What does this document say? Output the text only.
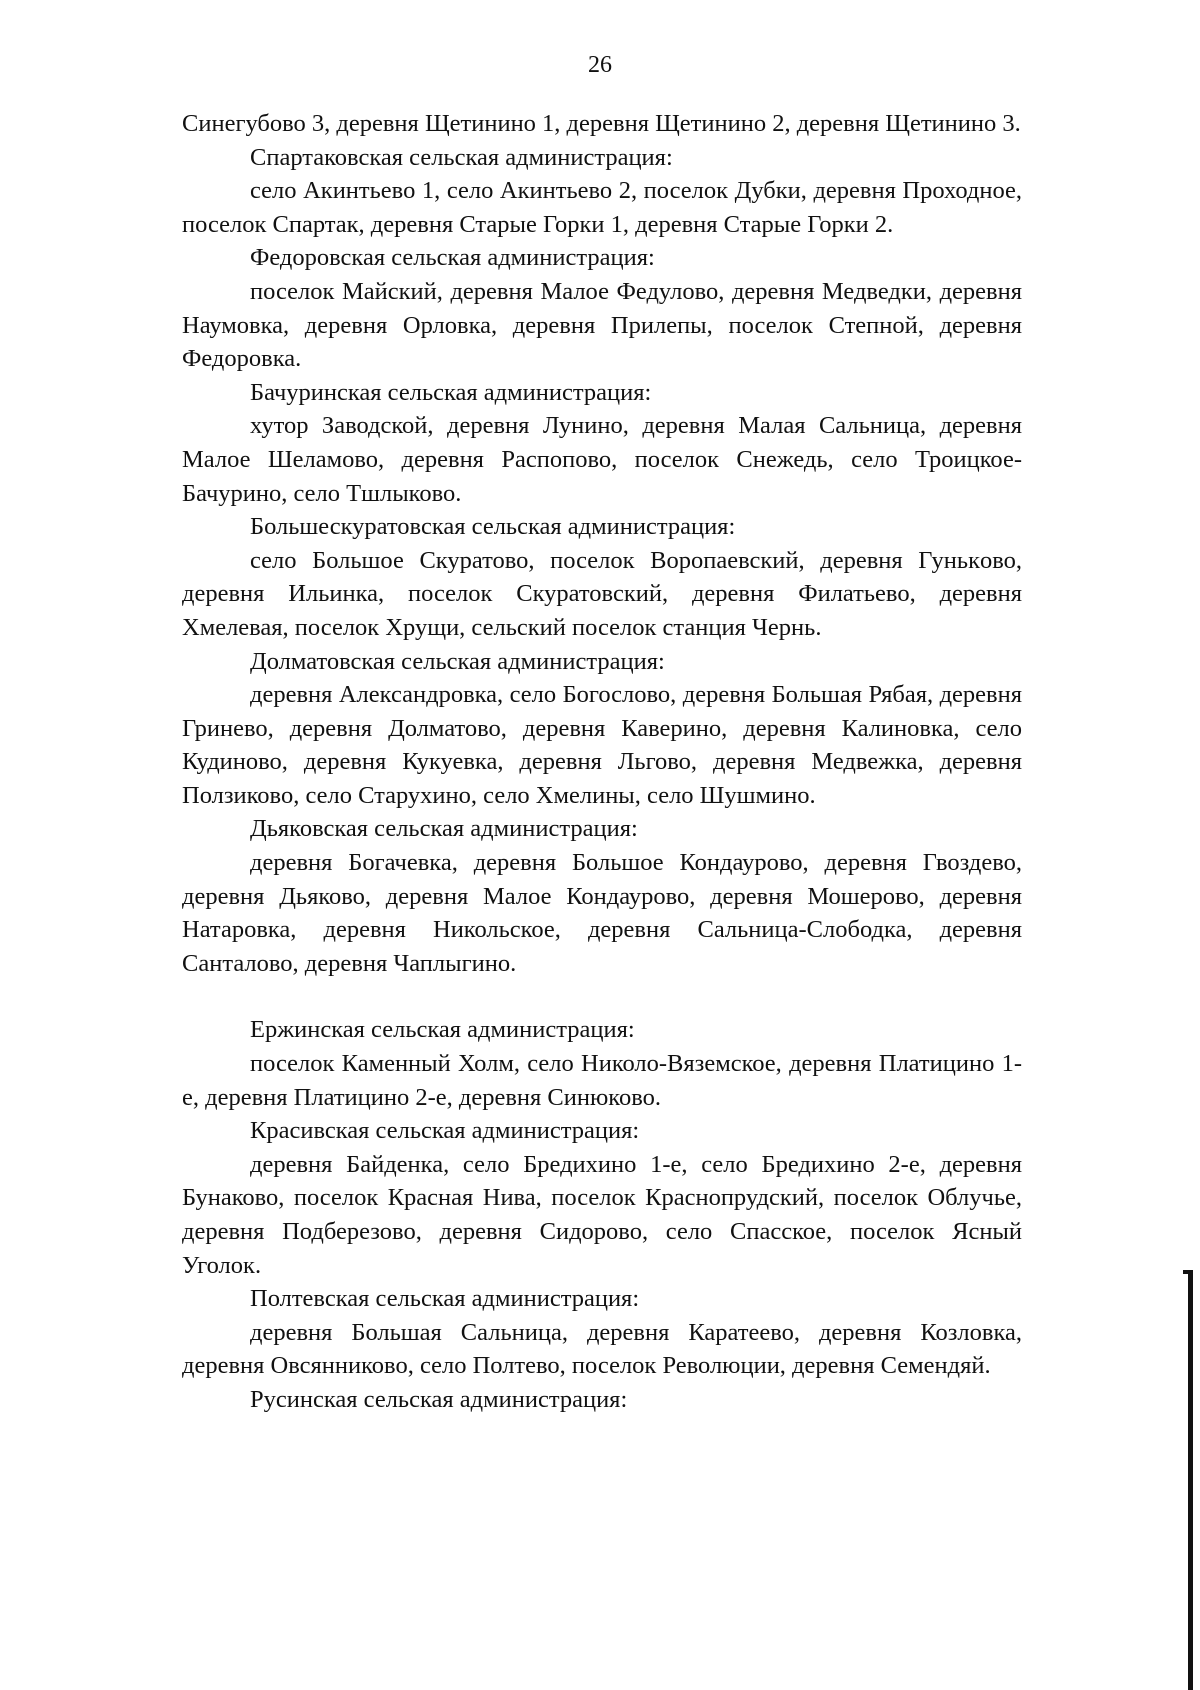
26

Синегубово 3, деревня Щетинино 1, деревня Щетинино 2, деревня Щетинино 3.

Спартаковская сельская администрация:

село Акинтьево 1, село Акинтьево 2, поселок Дубки, деревня Проходное, поселок Спартак, деревня Старые Горки 1, деревня Старые Горки 2.

Федоровская сельская администрация:

поселок Майский, деревня Малое Федулово, деревня Медведки, деревня Наумовка, деревня Орловка, деревня Прилепы, поселок Степной, деревня Федоровка.

Бачуринская сельская администрация:

хутор Заводской, деревня Лунино, деревня Малая Сальница, деревня Малое Шеламово, деревня Распопово, поселок Снежедь, село Троицкое-Бачурино, село Тшлыково.

Большескуратовская сельская администрация:

село Большое Скуратово, поселок Воропаевский, деревня Гунькoво, деревня Ильинка, поселок Скуратовский, деревня Филатьево, деревня Хмелевая, поселок Хрущи, сельский поселок станция Чернь.

Долматовская сельская администрация:

деревня Александровка, село Богослово, деревня Большая Рябая, деревня Гринево, деревня Долматово, деревня Каверино, деревня Калиновка, село Кудиново, деревня Кукуевка, деревня Льгово, деревня Медвежка, деревня Ползиково, село Старухино, село Хмелины, село Шушмино.

Дьяковская сельская администрация:

деревня Богачевка, деревня Большое Кондаурово, деревня Гвоздево, деревня Дьяково, деревня Малое Кондаурово, деревня Мошерово, деревня Натаровка, деревня Никольское, деревня Сальница-Слободка, деревня Санталово, деревня Чаплыгино.

Ержинская сельская администрация:

поселок Каменный Холм, село Николо-Вяземское, деревня Платицино 1-е, деревня Платицино 2-е, деревня Синюково.

Красивская сельская администрация:

деревня Байденка, село Бредихино 1-е, село Бредихино 2-е, деревня Бунаково, поселок Красная Нива, поселок Краснопрудский, поселок Облучье, деревня Подберезово, деревня Сидорово, село Спасское, поселок Ясный Уголок.

Полтевская сельская администрация:

деревня Большая Сальница, деревня Каратеево, деревня Козловка, деревня Овсянниково, село Полтево, поселок Революции, деревня Семендяй.

Русинская сельская администрация:
